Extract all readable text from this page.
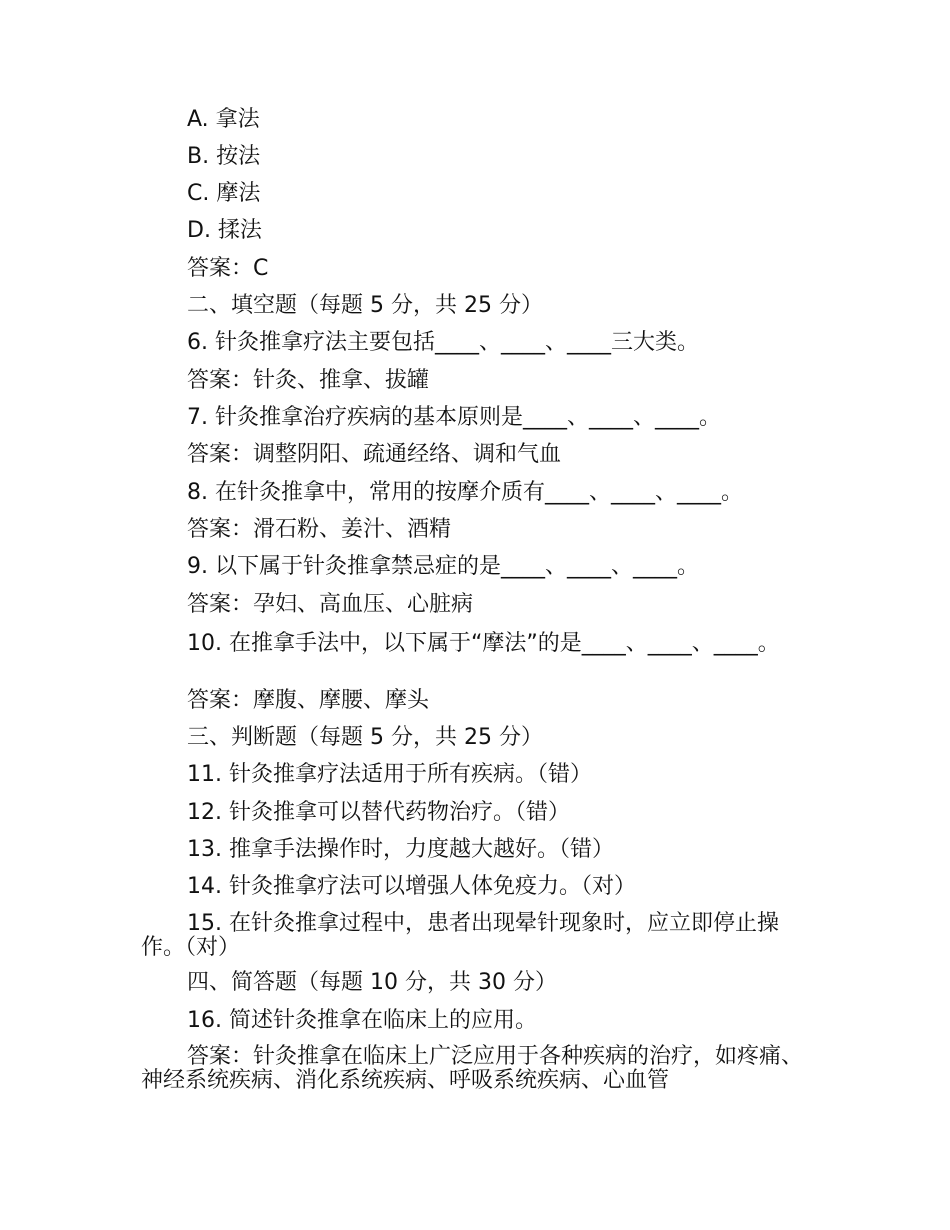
A. 拿法
B. 按法
C. 摩法
D. 揉法
答案：C
二、填空题（每题 5 分，共 25 分）
6. 针灸推拿疗法主要包括____、____、____三大类。
答案：针灸、推拿、拔罐
7. 针灸推拿治疗疾病的基本原则是____、____、____。
答案：调整阴阳、疏通经络、调和气血
8. 在针灸推拿中，常用的按摩介质有____、____、____。
答案：滑石粉、姜汁、酒精
9. 以下属于针灸推拿禁忌症的是____、____、____。
答案：孕妇、高血压、心脏病
10. 在推拿手法中，以下属于“摩法”的是____、____、____。
答案：摩腹、摩腰、摩头
三、判断题（每题 5 分，共 25 分）
11. 针灸推拿疗法适用于所有疾病。（错）
12. 针灸推拿可以替代药物治疗。（错）
13. 推拿手法操作时，力度越大越好。（错）
14. 针灸推拿疗法可以增强人体免疫力。（对）
15. 在针灸推拿过程中，患者出现晕针现象时，应立即停止操作。（对）
四、简答题（每题 10 分，共 30 分）
16. 简述针灸推拿在临床上的应用。
答案：针灸推拿在临床上广泛应用于各种疾病的治疗，如疼痛、神经系统疾病、消化系统疾病、呼吸系统疾病、心血管
